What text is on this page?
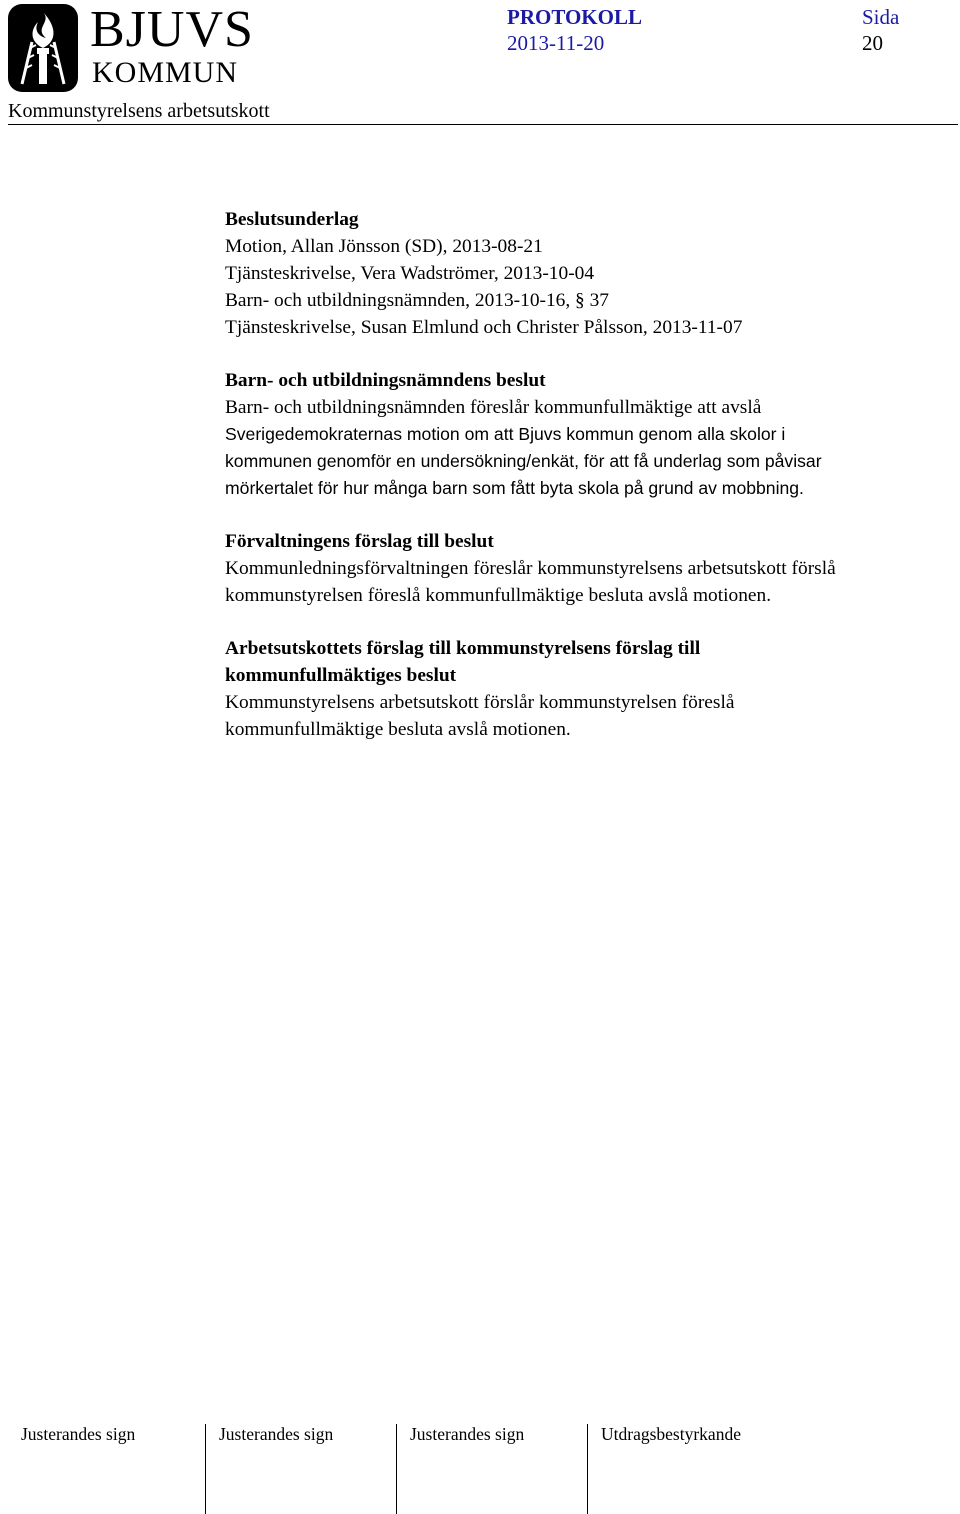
BJUVS
KOMMUN
PROTOKOLL
2013-11-20
Sida
20
Kommunstyrelsens arbetsutskott
Beslutsunderlag
Motion, Allan Jönsson (SD), 2013-08-21
Tjänsteskrivelse, Vera Wadströmer, 2013-10-04
Barn- och utbildningsnämnden, 2013-10-16, § 37
Tjänsteskrivelse, Susan Elmlund och Christer Pålsson, 2013-11-07
Barn- och utbildningsnämndens beslut
Barn- och utbildningsnämnden föreslår kommunfullmäktige att avslå
Sverigedemokraternas motion om att Bjuvs kommun genom alla skolor i
kommunen genomför en undersökning/enkät, för att få underlag som påvisar
mörkertalet för hur många barn som fått byta skola på grund av mobbning.
Förvaltningens förslag till beslut
Kommunledningsförvaltningen föreslår kommunstyrelsens arbetsutskott förslå
kommunstyrelsen föreslå kommunfullmäktige besluta avslå motionen.
Arbetsutskottets förslag till kommunstyrelsens förslag till
kommunfullmäktiges beslut
Kommunstyrelsens arbetsutskott förslår kommunstyrelsen föreslå
kommunfullmäktige besluta avslå motionen.
Justerandes sign	Justerandes sign	Justerandes sign	Utdragsbestyrkande
